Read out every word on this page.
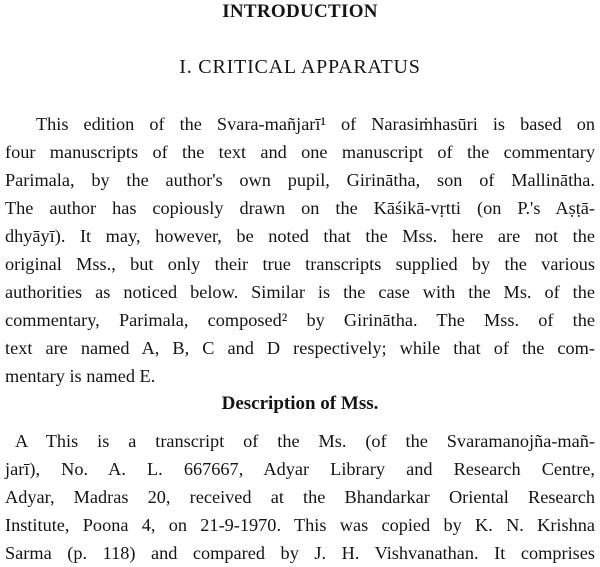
INTRODUCTION
I. CRITICAL APPARATUS
This edition of the Svara-mañjarī¹ of Narasiṁhasūri is based on
four manuscripts of the text and one manuscript of the commentary
Parimala, by the author's own pupil, Girinātha, son of Mallinātha.
The author has copiously drawn on the Kāśikā-vṛtti (on P.'s Aṣṭā-
dhyāyī). It may, however, be noted that the Mss. here are not the
original Mss., but only their true transcripts supplied by the various
authorities as noticed below. Similar is the case with the Ms. of the
commentary, Parimala, composed² by Girinātha. The Mss. of the
text are named A, B, C and D respectively; while that of the com-
mentary is named E.
Description of Mss.
A This is a transcript of the Ms. (of the Svaramanojña-mañ-
jarī), No. A. L. 667667, Adyar Library and Research Centre,
Adyar, Madras 20, received at the Bhandarkar Oriental Research
Institute, Poona 4, on 21-9-1970. This was copied by K. N. Krishna
Sarma (p. 118) and compared by J. H. Vishvanathan. It comprises
